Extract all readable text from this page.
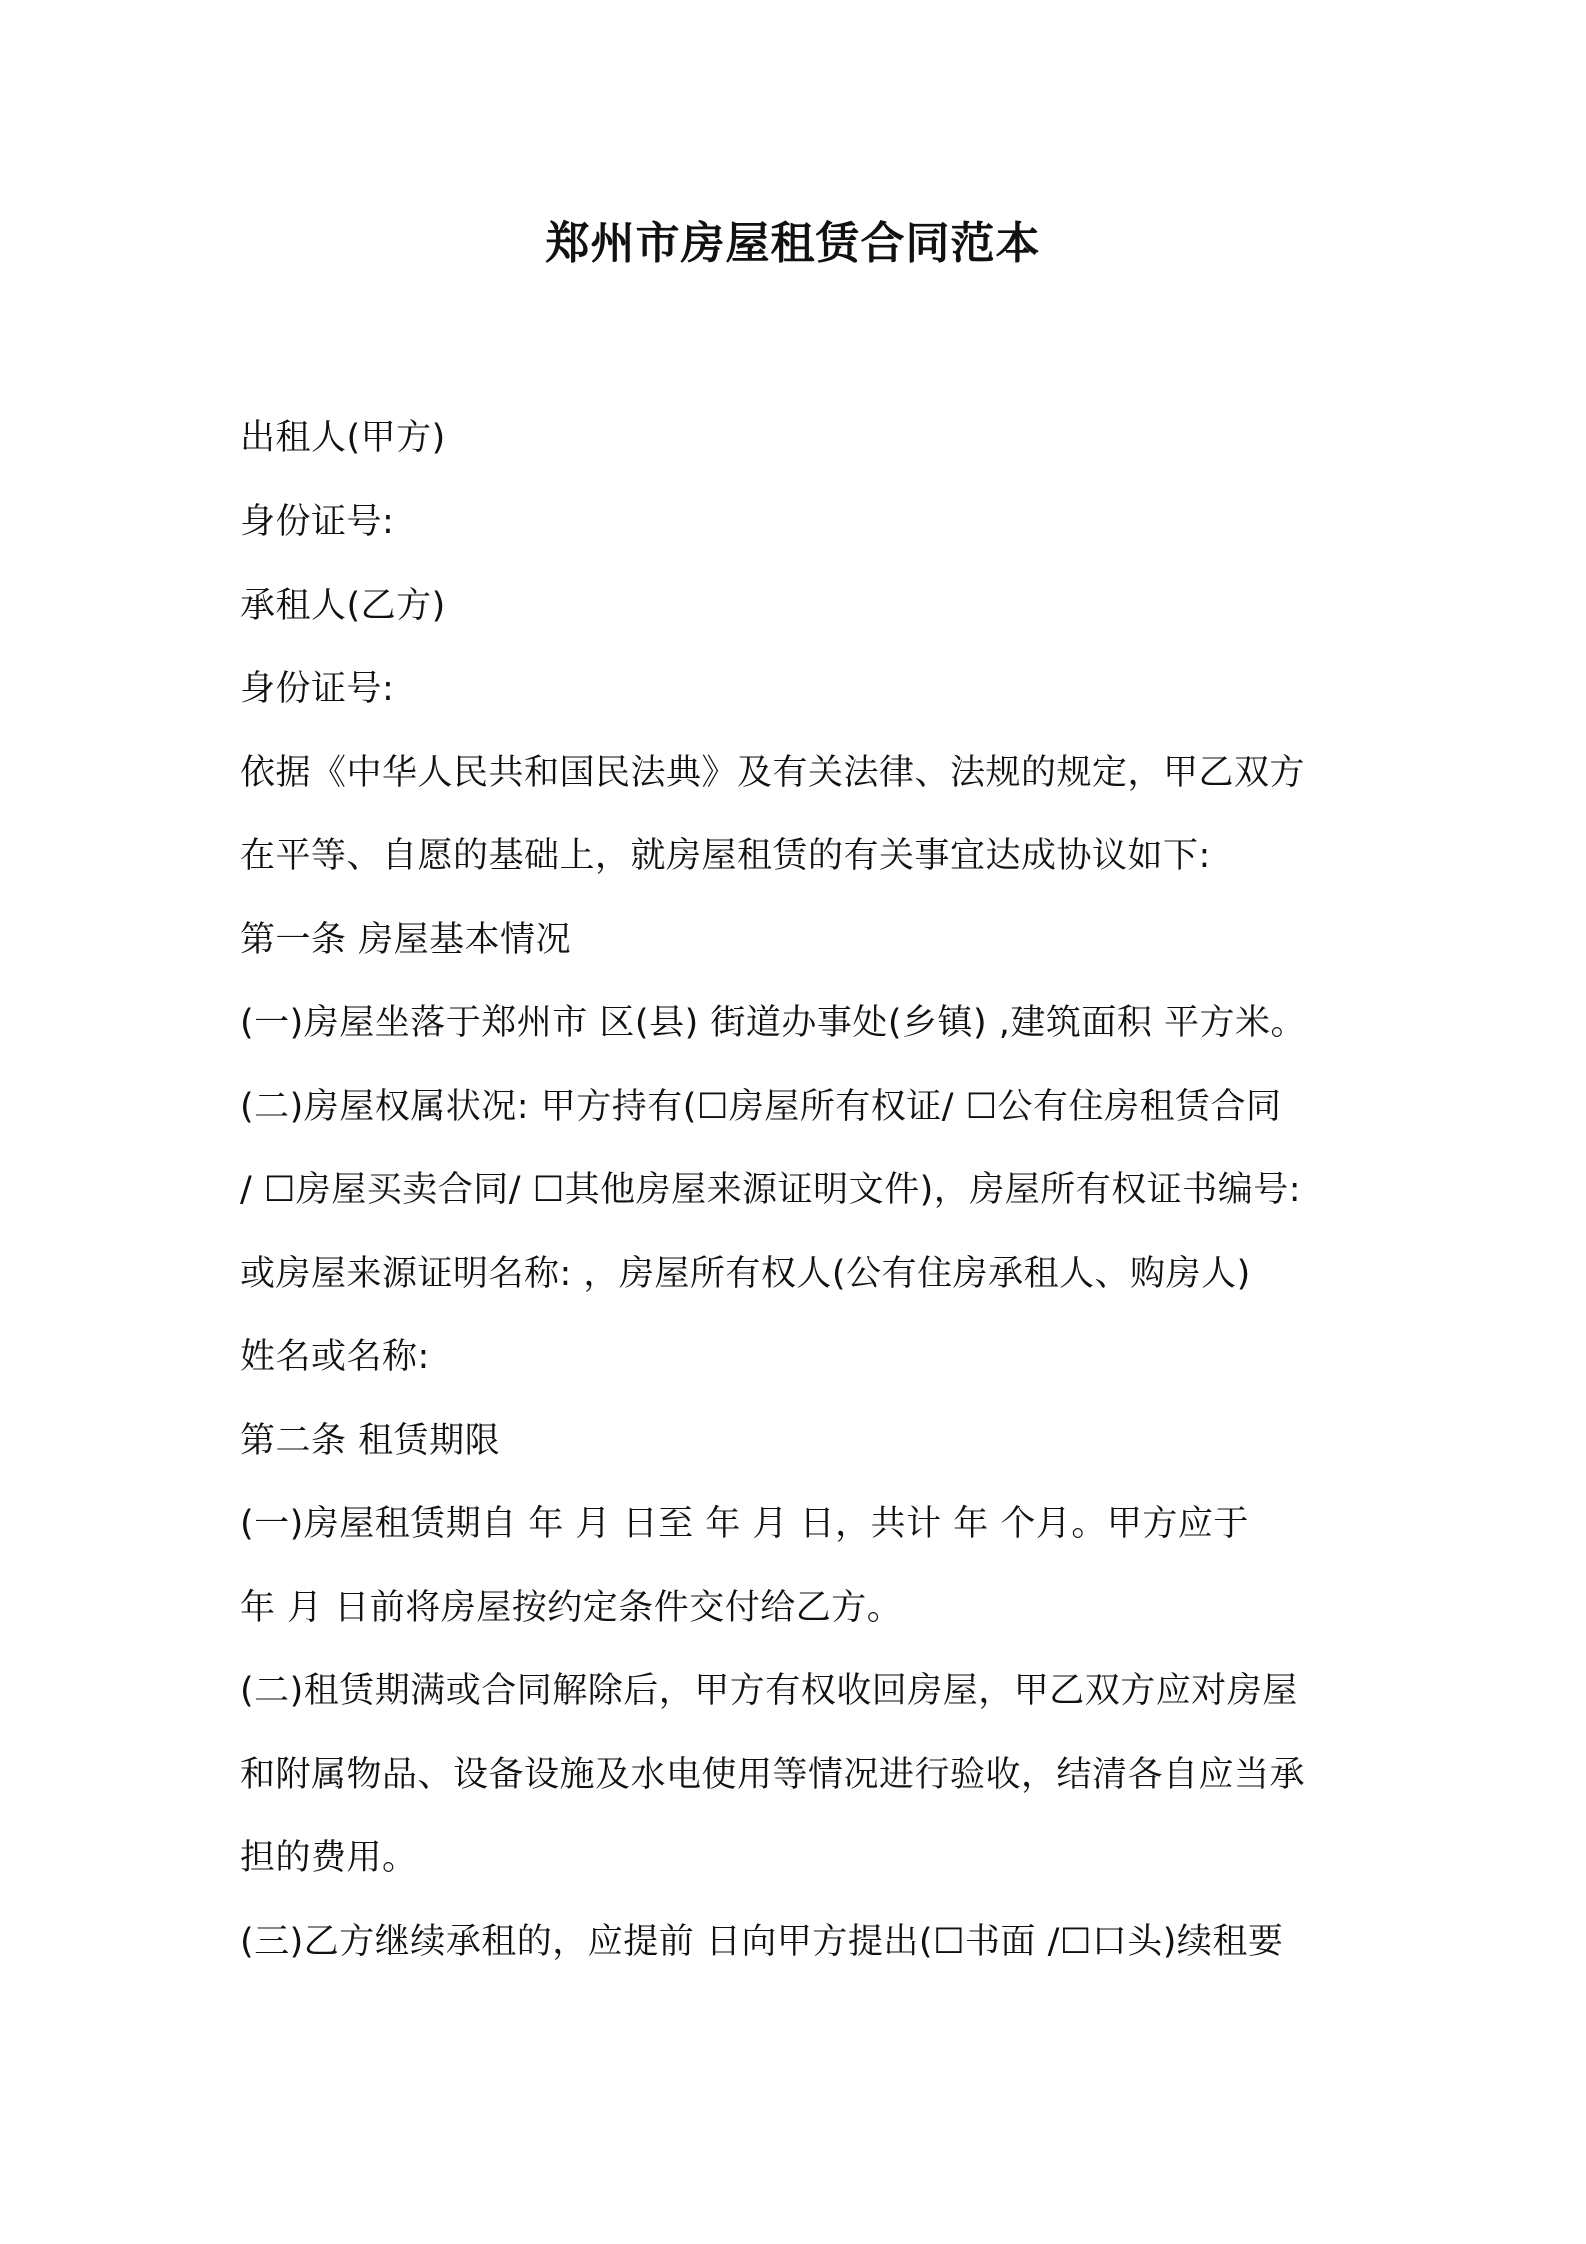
郑州市房屋租赁合同范本
出租人(甲方)
身份证号:
承租人(乙方)
身份证号:
依据《中华人民共和国民法典》及有关法律、法规的规定，甲乙双方
在平等、自愿的基础上，就房屋租赁的有关事宜达成协议如下:
第一条 房屋基本情况
(一)房屋坐落于郑州市 区(县) 街道办事处(乡镇) ,建筑面积 平方米。
(二)房屋权属状况: 甲方持有(☐房屋所有权证/ ☐公有住房租赁合同
/ ☐房屋买卖合同/ ☐其他房屋来源证明文件)，房屋所有权证书编号:
或房屋来源证明名称: ，房屋所有权人(公有住房承租人、购房人)
姓名或名称:
第二条 租赁期限
(一)房屋租赁期自 年 月 日至 年 月 日，共计 年 个月。甲方应于
年 月 日前将房屋按约定条件交付给乙方。
(二)租赁期满或合同解除后，甲方有权收回房屋，甲乙双方应对房屋
和附属物品、设备设施及水电使用等情况进行验收，结清各自应当承
担的费用。
(三)乙方继续承租的，应提前 日向甲方提出(☐书面 /☐口头)续租要
